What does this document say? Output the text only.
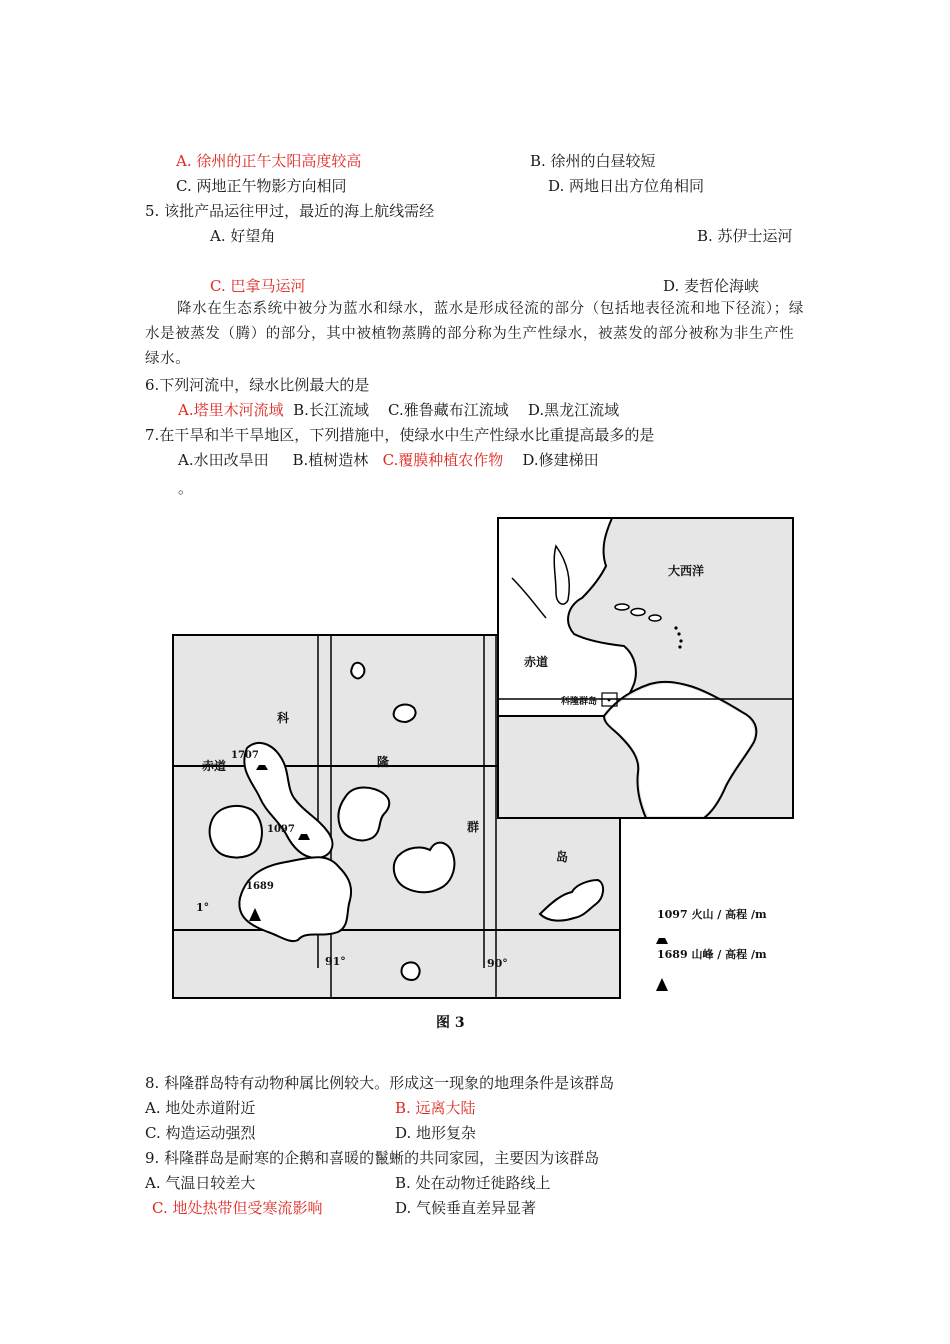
A. 徐州的正午太阳高度较高	B. 徐州的白昼较短
C. 两地正午物影方向相同	D. 两地日出方位角相同
5. 该批产品运往甲过，最近的海上航线需经
A. 好望角	B. 苏伊士运河
C. 巴拿马运河	D. 麦哲伦海峡
降水在生态系统中被分为蓝水和绿水，蓝水是形成径流的部分（包括地表径流和地下径流）；绿水是被蒸发（腾）的部分，其中被植物蒸腾的部分称为生产性绿水，被蒸发的部分被称为非生产性绿水。
6.下列河流中，绿水比例最大的是
A.塔里木河流域 B.长江流域 C.雅鲁藏布江流域 D.黑龙江流域
7.在干旱和半干旱地区，下列措施中，使绿水中生产性绿水比重提高最多的是
A.水田改旱田 B.植树造林 C.覆膜种植农作物 D.修建梯田
。
科
隆
群
岛
赤道
1707
1097
1689
1°
91°	90°
大西洋
赤道
科隆群岛
1097 火山 / 高程 /m
1689 山峰 / 高程 /m
图 3
8. 科隆群岛特有动物种属比例较大。形成这一现象的地理条件是该群岛
A. 地处赤道附近	B. 远离大陆
C. 构造运动强烈	D. 地形复杂
9. 科隆群岛是耐寒的企鹅和喜暖的鬣蜥的共同家园，主要因为该群岛
A. 气温日较差大	B. 处在动物迁徙路线上
C. 地处热带但受寒流影响	D. 气候垂直差异显著
